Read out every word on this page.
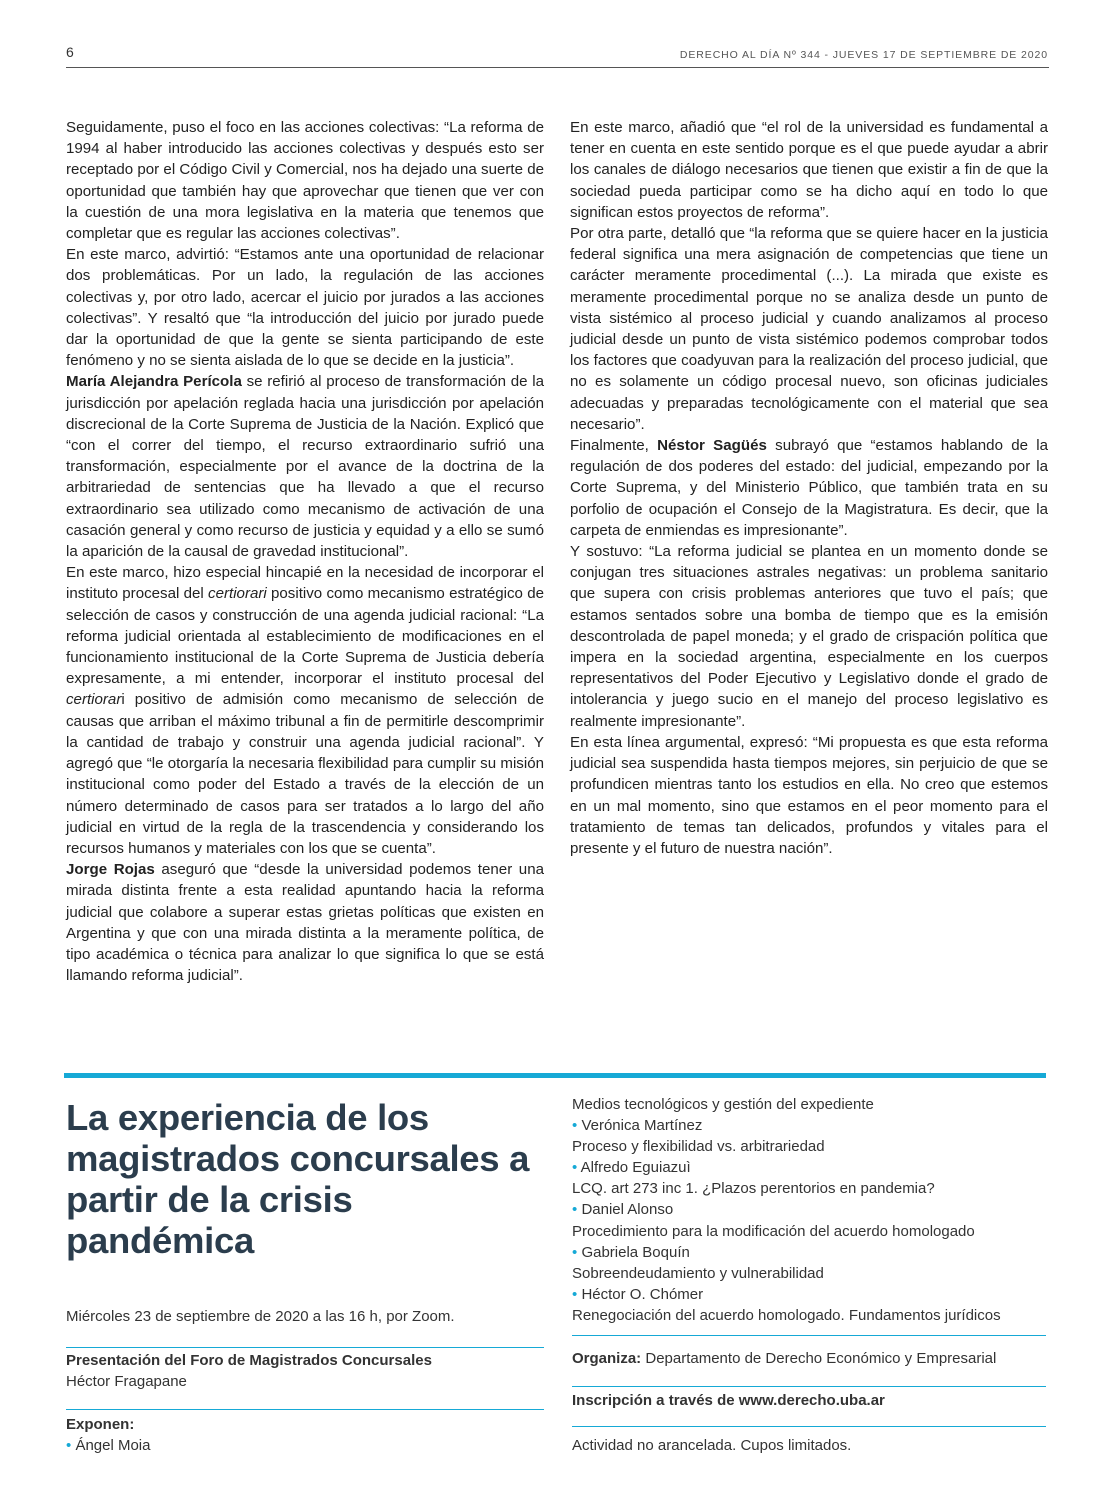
6	DERECHO AL DÍA Nº 344 - JUEVES 17 DE SEPTIEMBRE DE 2020

Seguidamente, puso el foco en las acciones colectivas: “La reforma de 1994 al haber introducido las acciones colectivas y después esto ser receptado por el Código Civil y Comercial, nos ha dejado una suerte de oportunidad que también hay que aprovechar que tienen que ver con la cuestión de una mora legislativa en la materia que tenemos que completar que es regular las acciones colectivas”.

En este marco, advirtió: “Estamos ante una oportunidad de relacionar dos problemáticas. Por un lado, la regulación de las acciones colectivas y, por otro lado, acercar el juicio por jurados a las acciones colectivas”. Y resaltó que “la introducción del juicio por jurado puede dar la oportunidad de que la gente se sienta participando de este fenómeno y no se sienta aislada de lo que se decide en la justicia”.

María Alejandra Perícola se refirió al proceso de transformación de la jurisdicción por apelación reglada hacia una jurisdicción por apelación discrecional de la Corte Suprema de Justicia de la Nación. Explicó que “con el correr del tiempo, el recurso extraordinario sufrió una transformación, especialmente por el avance de la doctrina de la arbitrariedad de sentencias que ha llevado a que el recurso extraordinario sea utilizado como mecanismo de activación de una casación general y como recurso de justicia y equidad y a ello se sumó la aparición de la causal de gravedad institucional”.

En este marco, hizo especial hincapié en la necesidad de incorporar el instituto procesal del certiorari positivo como mecanismo estratégico de selección de casos y construcción de una agenda judicial racional: “La reforma judicial orientada al establecimiento de modificaciones en el funcionamiento institucional de la Corte Suprema de Justicia debería expresamente, a mi entender, incorporar el instituto procesal del certiorari positivo de admisión como mecanismo de selección de causas que arriban el máximo tribunal a fin de permitirle descomprimir la cantidad de trabajo y construir una agenda judicial racional”. Y agregó que “le otorgaría la necesaria flexibilidad para cumplir su misión institucional como poder del Estado a través de la elección de un número determinado de casos para ser tratados a lo largo del año judicial en virtud de la regla de la trascendencia y considerando los recursos humanos y materiales con los que se cuenta”.

Jorge Rojas aseguró que “desde la universidad podemos tener una mirada distinta frente a esta realidad apuntando hacia la reforma judicial que colabore a superar estas grietas políticas que existen en Argentina y que con una mirada distinta a la meramente política, de tipo académica o técnica para analizar lo que significa lo que se está llamando reforma judicial”.

En este marco, añadió que “el rol de la universidad es fundamental a tener en cuenta en este sentido porque es el que puede ayudar a abrir los canales de diálogo necesarios que tienen que existir a fin de que la sociedad pueda participar como se ha dicho aquí en todo lo que significan estos proyectos de reforma”.

Por otra parte, detalló que “la reforma que se quiere hacer en la justicia federal significa una mera asignación de competencias que tiene un carácter meramente procedimental (...). La mirada que existe es meramente procedimental porque no se analiza desde un punto de vista sistémico al proceso judicial y cuando analizamos al proceso judicial desde un punto de vista sistémico podemos comprobar todos los factores que coadyuvan para la realización del proceso judicial, que no es solamente un código procesal nuevo, son oficinas judiciales adecuadas y preparadas tecnológicamente con el material que sea necesario”.

Finalmente, Néstor Sagüés subrayó que “estamos hablando de la regulación de dos poderes del estado: del judicial, empezando por la Corte Suprema, y del Ministerio Público, que también trata en su porfolio de ocupación el Consejo de la Magistratura. Es decir, que la carpeta de enmiendas es impresionante”.

Y sostuvo: “La reforma judicial se plantea en un momento donde se conjugan tres situaciones astrales negativas: un problema sanitario que supera con crisis problemas anteriores que tuvo el país; que estamos sentados sobre una bomba de tiempo que es la emisión descontrolada de papel moneda; y el grado de crispación política que impera en la sociedad argentina, especialmente en los cuerpos representativos del Poder Ejecutivo y Legislativo donde el grado de intolerancia y juego sucio en el manejo del proceso legislativo es realmente impresionante”.

En esta línea argumental, expresó: “Mi propuesta es que esta reforma judicial sea suspendida hasta tiempos mejores, sin perjuicio de que se profundicen mientras tanto los estudios en ella. No creo que estemos en un mal momento, sino que estamos en el peor momento para el tratamiento de temas tan delicados, profundos y vitales para el presente y el futuro de nuestra nación”.

La experiencia de los magistrados concursales a partir de la crisis pandémica
Miércoles 23 de septiembre de 2020 a las 16 h, por Zoom.
Presentación del Foro de Magistrados Concursales
Héctor Fragapane
Exponen:
• Ángel Moia
Medios tecnológicos y gestión del expediente
• Verónica Martínez
Proceso y flexibilidad vs. arbitrariedad
• Alfredo Eguiazuì
LCQ. art 273 inc 1. ¿Plazos perentorios en pandemia?
• Daniel Alonso
Procedimiento para la modificación del acuerdo homologado
• Gabriela Boquín
Sobreendeudamiento y vulnerabilidad
• Héctor O. Chómer
Renegociación del acuerdo homologado. Fundamentos jurídicos
Organiza: Departamento de Derecho Económico y Empresarial
Inscripción a través de www.derecho.uba.ar
Actividad no arancelada. Cupos limitados.
